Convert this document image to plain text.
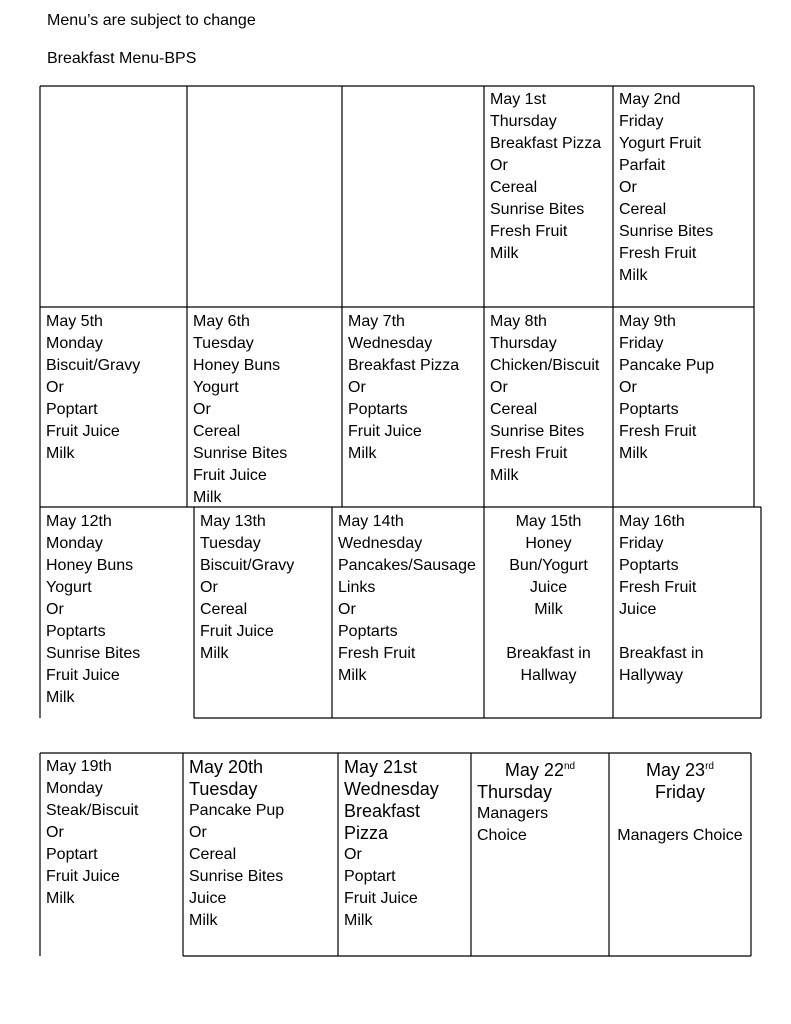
Menu’s are subject to change
Breakfast Menu-BPS
May 1st
Thursday
Breakfast Pizza
Or
Cereal
Sunrise Bites
Fresh Fruit
Milk
May 2nd
Friday
Yogurt Fruit
Parfait
Or
Cereal
Sunrise Bites
Fresh Fruit
Milk
May 5th
Monday
Biscuit/Gravy
Or
Poptart
Fruit Juice
Milk
May 6th
Tuesday
Honey Buns
Yogurt
Or
Cereal
Sunrise Bites
Fruit Juice
Milk
May 7th
Wednesday
Breakfast Pizza
Or
Poptarts
Fruit Juice
Milk
May 8th
Thursday
Chicken/Biscuit
Or
Cereal
Sunrise Bites
Fresh Fruit
Milk
May 9th
Friday
Pancake Pup
Or
Poptarts
Fresh Fruit
Milk
May 12th
Monday
Honey Buns
Yogurt
Or
Poptarts
Sunrise Bites
Fruit Juice
Milk
May 13th
Tuesday
Biscuit/Gravy
Or
Cereal
Fruit Juice
Milk
May 14th
Wednesday
Pancakes/Sausage
Links
Or
Poptarts
Fresh Fruit
Milk
May 15th
Honey
Bun/Yogurt
Juice
Milk
Breakfast in
Hallway
May 16th
Friday
Poptarts
Fresh Fruit
Juice
Breakfast in
Hallyway
May 19th
Monday
Steak/Biscuit
Or
Poptart
Fruit Juice
Milk
May 20th
Tuesday
Pancake Pup
Or
Cereal
Sunrise Bites
Juice
Milk
May 21st
Wednesday
Breakfast
Pizza
Or
Poptart
Fruit Juice
Milk
May 22nd
Thursday
Managers
Choice
May 23rd
Friday
Managers Choice
